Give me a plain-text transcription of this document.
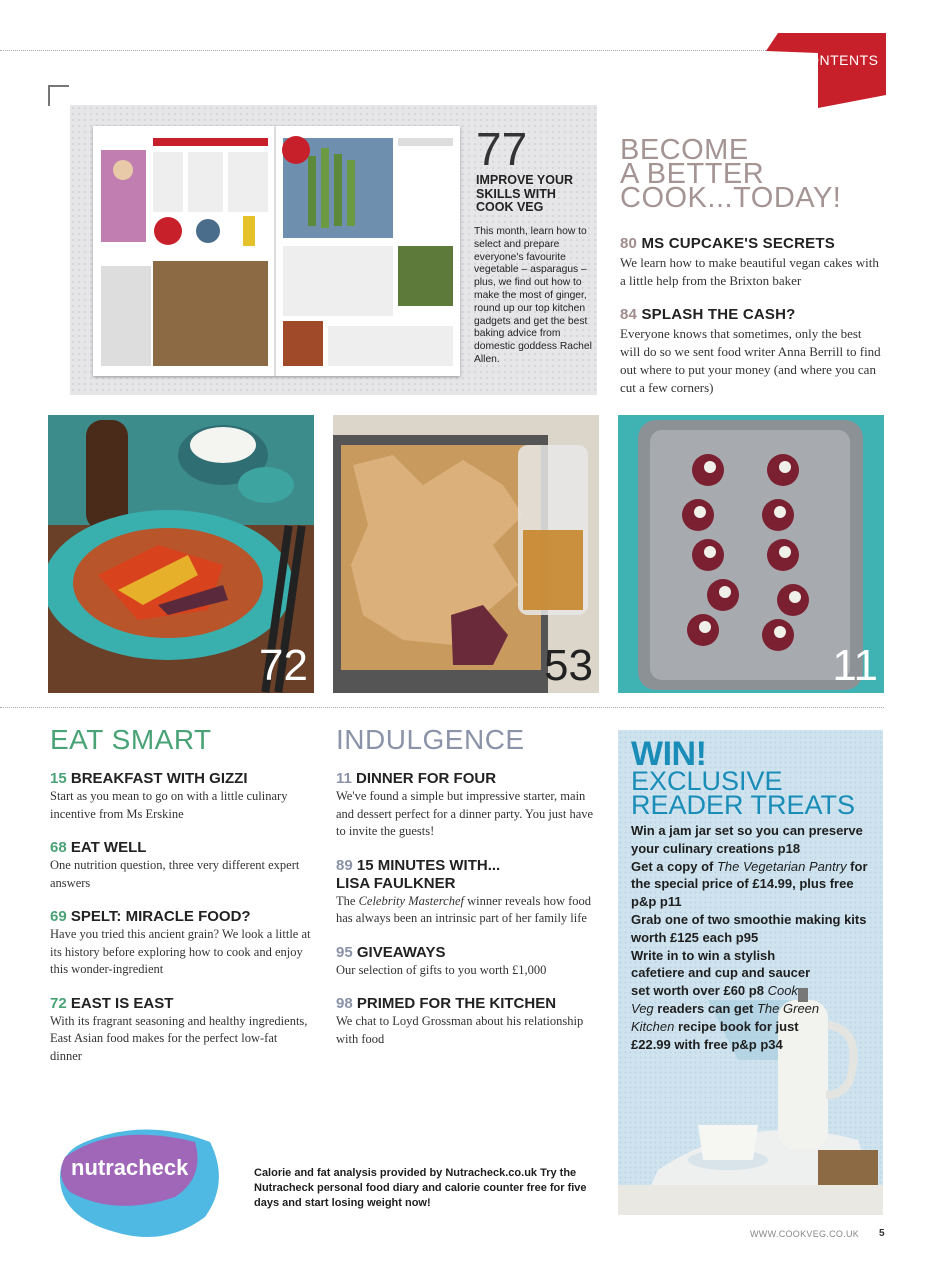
CONTENTS
77
IMPROVE YOUR SKILLS WITH COOK VEG
This month, learn how to select and prepare everyone's favourite vegetable – asparagus – plus, we find out how to make the most of ginger, round up our top kitchen gadgets and get the best baking advice from domestic goddess Rachel Allen.
BECOME
A BETTER
COOK...TODAY!
80 MS CUPCAKE'S SECRETS
We learn how to make beautiful vegan cakes with a little help from the Brixton baker
84 SPLASH THE CASH?
Everyone knows that sometimes, only the best will do so we sent food writer Anna Berrill to find out where to put your money (and where you can cut a few corners)
72	53	11
EAT SMART
15 BREAKFAST WITH GIZZI
Start as you mean to go on with a little culinary incentive from Ms Erskine
68 EAT WELL
One nutrition question, three very different expert answers
69 SPELT: MIRACLE FOOD?
Have you tried this ancient grain? We look a little at its history before exploring how to cook and enjoy this wonder-ingredient
72 EAST IS EAST
With its fragrant seasoning and healthy ingredients, East Asian food makes for the perfect low-fat dinner
INDULGENCE
11 DINNER FOR FOUR
We've found a simple but impressive starter, main and dessert perfect for a dinner party. You just have to invite the guests!
89 15 MINUTES WITH...
LISA FAULKNER
The Celebrity Masterchef winner reveals how food has always been an intrinsic part of her family life
95 GIVEAWAYS
Our selection of gifts to you worth £1,000
98 PRIMED FOR THE KITCHEN
We chat to Loyd Grossman about his relationship with food
WIN!
EXCLUSIVE
READER TREATS

Win a jam jar set so you can preserve your culinary creations p18

Get a copy of The Vegetarian Pantry for the special price of £14.99, plus free p&p p11

Grab one of two smoothie making kits worth £125 each p95

Write in to win a stylish cafetiere and cup and saucer set worth over £60 p8 Cook Veg readers can get The Green Kitchen recipe book for just £22.99 with free p&p p34

nutracheck	Calorie and fat analysis provided by Nutracheck.co.uk Try the Nutracheck personal food diary and calorie counter free for five days and start losing weight now!
WWW.COOKVEG.CO.UK 5
